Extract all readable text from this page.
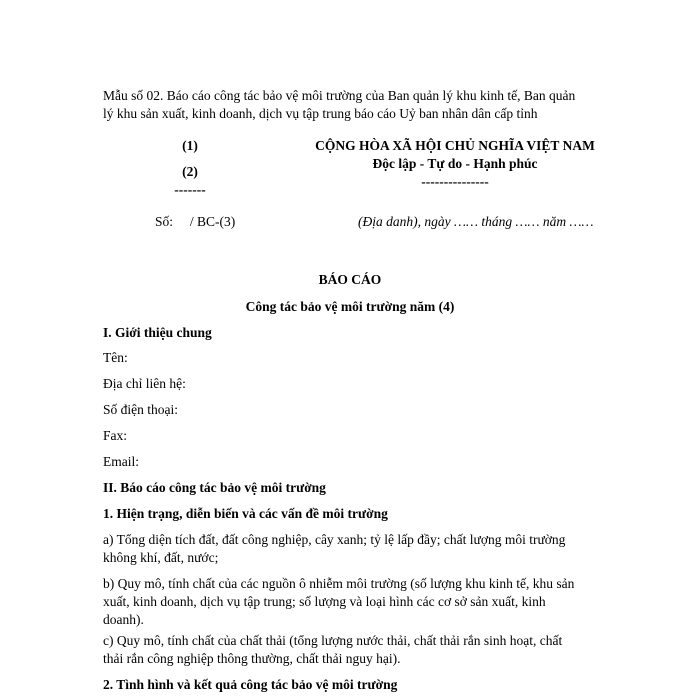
Mẫu số 02. Báo cáo công tác bảo vệ môi trường của Ban quản lý khu kinh tế, Ban quản
lý khu sản xuất, kinh doanh, dịch vụ tập trung báo cáo Uỷ ban nhân dân cấp tỉnh
(1)
(2)
-------
CỘNG HÒA XÃ HỘI CHỦ NGHĨA VIỆT NAM
Độc lập - Tự do - Hạnh phúc
---------------
Số:     / BC-(3)	(Địa danh), ngày …… tháng …… năm ……
BÁO CÁO
Công tác bảo vệ môi trường năm (4)
I. Giới thiệu chung
Tên:
Địa chỉ liên hệ:
Số điện thoại:
Fax:
Email:
II. Báo cáo công tác bảo vệ môi trường
1. Hiện trạng, diễn biến và các vấn đề môi trường
a) Tổng diện tích đất, đất công nghiệp, cây xanh; tỷ lệ lấp đầy; chất lượng môi trường không khí, đất, nước;
b) Quy mô, tính chất của các nguồn ô nhiễm môi trường (số lượng khu kinh tế, khu sản xuất, kinh doanh, dịch vụ tập trung; số lượng và loại hình các cơ sở sản xuất, kinh doanh).
c) Quy mô, tính chất của chất thải (tổng lượng nước thải, chất thải rắn sinh hoạt, chất thải rắn công nghiệp thông thường, chất thải nguy hại).
2. Tình hình và kết quả công tác bảo vệ môi trường
